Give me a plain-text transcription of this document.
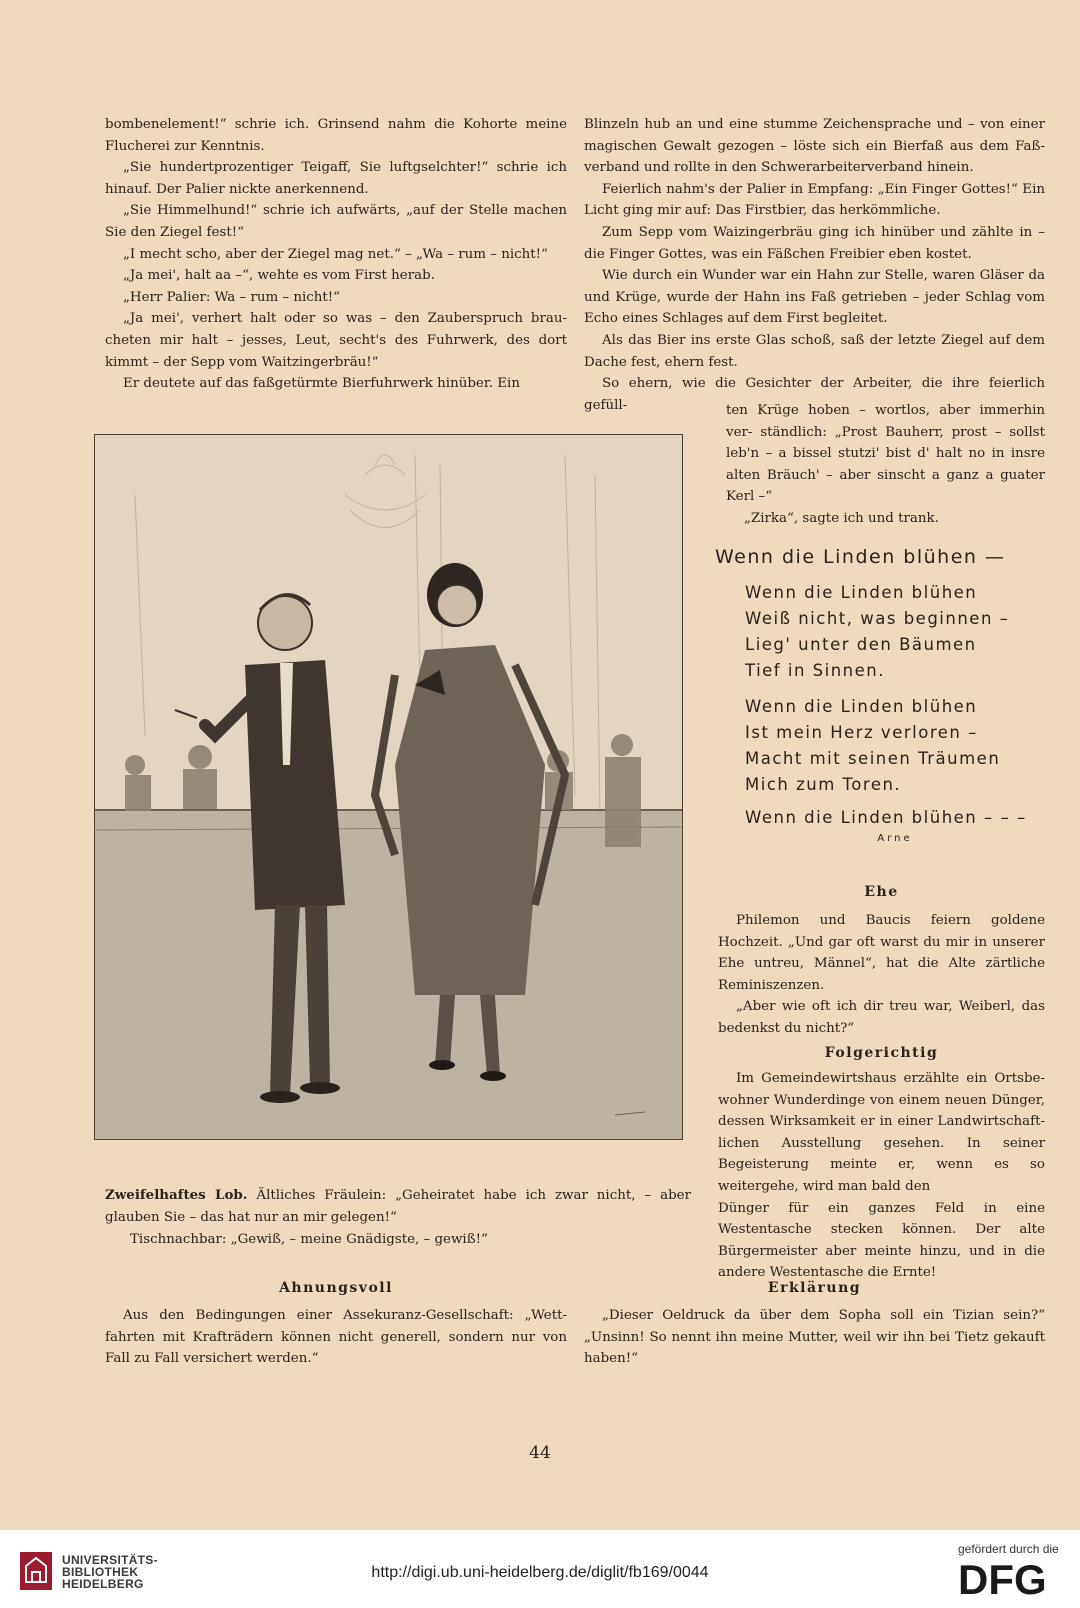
bombenelement!“ schrie ich. Grinsend nahm die Kohorte meine Flucherei zur Kenntnis.

„Sie hundertprozentiger Teigaff, Sie luftgselchter!“ schrie ich hinauf. Der Palier nickte anerkennend.

„Sie Himmelhund!“ schrie ich aufwärts, „auf der Stelle machen Sie den Ziegel fest!“

„I mecht scho, aber der Ziegel mag net.“ – „Wa – rum – nicht!“

„Ja mei', halt aa –“, wehte es vom First herab.

„Herr Palier: Wa – rum – nicht!“

„Ja mei', verhert halt oder so was – den Zauberspruch brau- cheten mir halt – jesses, Leut, secht's des Fuhrwerk, des dort kimmt – der Sepp vom Waitzingerbräu!“

Er deutete auf das faßgetürmte Bierfuhrwerk hinüber. Ein

Blinzeln hub an und eine stumme Zeichensprache und – von einer magischen Gewalt gezogen – löste sich ein Bierfaß aus dem Faß- verband und rollte in den Schwerarbeiterverband hinein.

Feierlich nahm's der Palier in Empfang: „Ein Finger Gottes!“ Ein Licht ging mir auf: Das Firstbier, das herkömmliche.

Zum Sepp vom Waizingerbräu ging ich hinüber und zählte in – die Finger Gottes, was ein Fäßchen Freibier eben kostet.

Wie durch ein Wunder war ein Hahn zur Stelle, waren Gläser da und Krüge, wurde der Hahn ins Faß getrieben – jeder Schlag vom Echo eines Schlages auf dem First begleitet.

Als das Bier ins erste Glas schoß, saß der letzte Ziegel auf dem Dache fest, ehern fest.

So ehern, wie die Gesichter der Arbeiter, die ihre feierlich gefüll-	ten Krüge hoben – wortlos, aber immerhin ver- ständlich: „Prost Bauherr, prost – sollst leb'n – a bissel stutzi' bist d' halt no in insre alten Bräuch' – aber sinscht a ganz a guater Kerl –“

„Zirka“, sagte ich und trank.

Zweifelhaftes Lob. Ältliches Fräulein: „Geheiratet habe ich zwar nicht, – aber glauben Sie – das hat nur an mir gelegen!“
Tischnachbar: „Gewiß, – meine Gnädigste, – gewiß!“
Wenn die Linden blühen —
Wenn die Linden blühen
Weiß nicht, was beginnen –
Lieg' unter den Bäumen
Tief in Sinnen.
Wenn die Linden blühen
Ist mein Herz verloren –
Macht mit seinen Träumen
Mich zum Toren.
Wenn die Linden blühen – – –
Arne
Ehe

Philemon und Baucis feiern goldene Hochzeit. „Und gar oft warst du mir in unserer Ehe untreu, Männel“, hat die Alte zärtliche Reminiszenzen.

„Aber wie oft ich dir treu war, Weiberl, das bedenkst du nicht?“

Folgerichtig

Im Gemeindewirtshaus erzählte ein Ortsbe- wohner Wunderdinge von einem neuen Dünger, dessen Wirksamkeit er in einer Landwirtschaft- lichen Ausstellung gesehen. In seiner Begeisterung meinte er, wenn es so weitergehe, wird man bald den

Dünger für ein ganzes Feld in eine Westentasche stecken können. Der alte Bürgermeister aber meinte hinzu, und in die andere Westentasche die Ernte!

Ahnungsvoll

Aus den Bedingungen einer Assekuranz-Gesellschaft: „Wett- fahrten mit Krafträdern können nicht generell, sondern nur von Fall zu Fall versichert werden.“

Erklärung

„Dieser Oeldruck da über dem Sopha soll ein Tizian sein?“ „Unsinn! So nennt ihn meine Mutter, weil wir ihn bei Tietz gekauft haben!“

44
UNIVERSITÄTS-
BIBLIOTHEK
HEIDELBERG
http://digi.ub.uni-heidelberg.de/diglit/fb169/0044
gefördert durch die
DFG
